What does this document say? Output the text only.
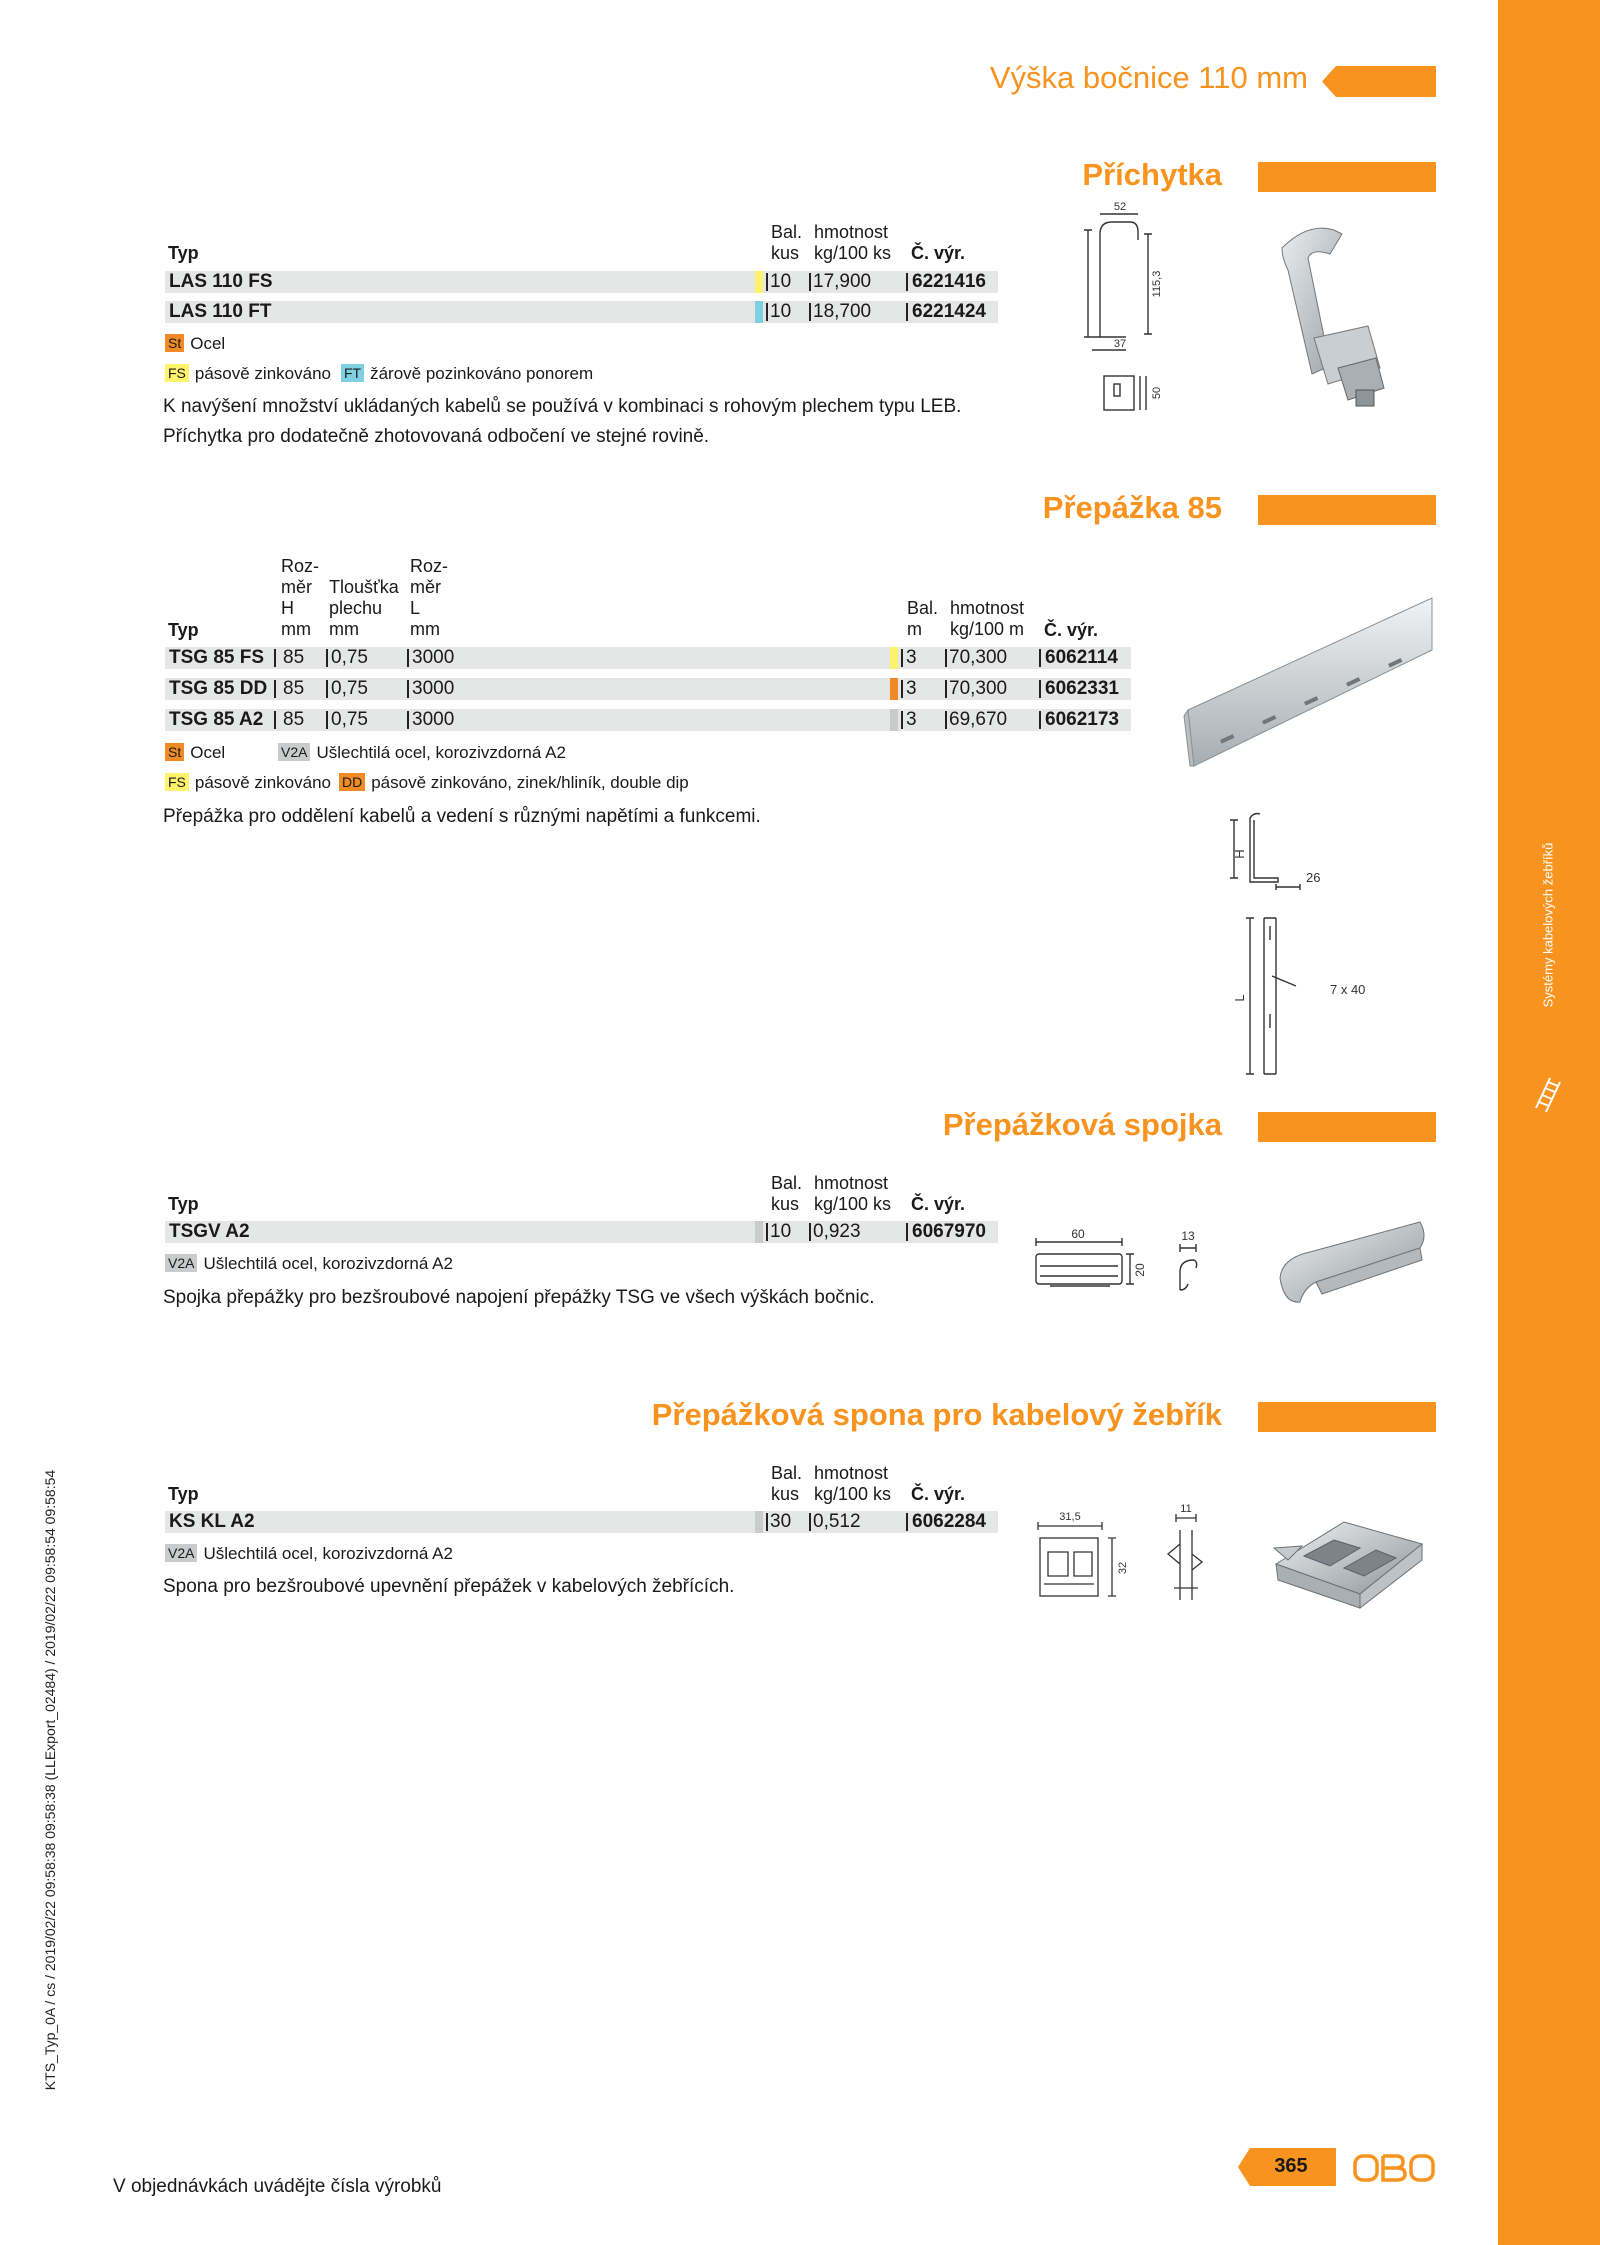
Systémy kabelových žebříků
KTS_Typ_0A / cs / 2019/02/22 09:58:38 09:58:38 (LLExport_02484) / 2019/02/22 09:58:54 09:58:54
Výška bočnice 110 mm
Příchytka
Typ
Bal.
kus
hmotnost
kg/100 ks Č. výr.
LAS 110 FS	10 17,900 6221416
LAS 110 FT	10 18,700 6221424
St Ocel
FS pásově zinkováno FT žárově pozinkováno ponorem
K navýšení množství ukládaných kabelů se používá v kombinaci s rohovým plechem typu LEB.
Příchytka pro dodatečně zhotovovaná odbočení ve stejné rovině.
52
115,3
37
50
Přepážka 85
Typ
Roz-
měr
H
mm
Tloušťka
plechu
mm
Roz-
měr
L
mm
Bal.
m
hmotnost
kg/100 m Č. výr.
TSG 85 FS 85 0,75 3000	3 70,300 6062114
TSG 85 DD 85 0,75 3000	3 70,300 6062331
TSG 85 A2 85 0,75 3000	3 69,670 6062173
St Ocel	V2A Ušlechtilá ocel, korozivzdorná A2
FS pásově zinkováno DD pásově zinkováno, zinek/hliník, double dip
Přepážka pro oddělení kabelů a vedení s různými napětími a funkcemi.
H
26
L
7 x 40
Přepážková spojka
Typ
Bal.
kus
hmotnost
kg/100 ks Č. výr.
TSGV A2	10 0,923	6067970
V2A Ušlechtilá ocel, korozivzdorná A2
Spojka přepážky pro bezšroubové napojení přepážky TSG ve všech výškách bočnic.
60
20
13
Přepážková spona pro kabelový žebřík
Typ
Bal.
kus
hmotnost
kg/100 ks Č. výr.
KS KL A2	30 0,512	6062284
V2A Ušlechtilá ocel, korozivzdorná A2
Spona pro bezšroubové upevnění přepážek v kabelových žebřících.
31,5
32
11
V objednávkách uvádějte čísla výrobků
365
